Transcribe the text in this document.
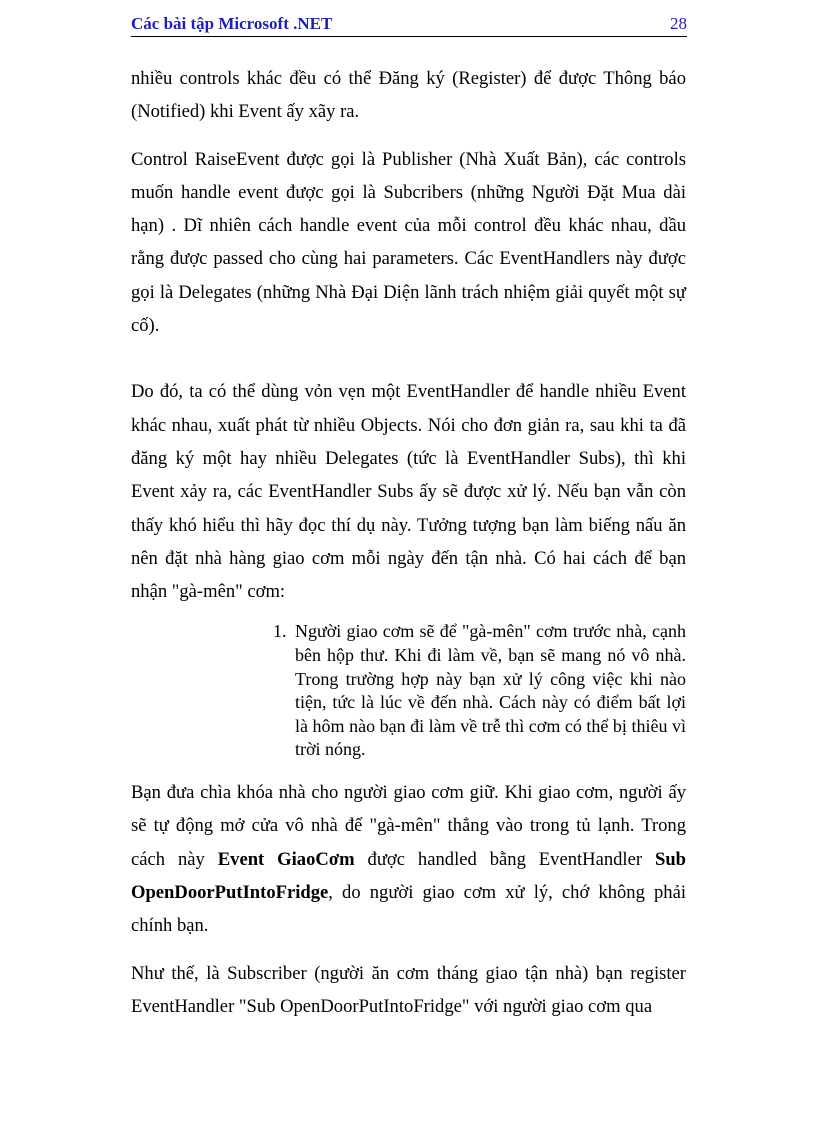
Các bài tập Microsoft .NET	28

nhiều controls khác đều có thể Đăng ký (Register) để được Thông báo (Notified) khi Event ấy xãy ra.

Control RaiseEvent được gọi là Publisher (Nhà Xuất Bản), các controls muốn handle event được gọi là Subcribers (những Người Đặt Mua dài hạn) . Dĩ nhiên cách handle event của mỗi control đều khác nhau, dầu rằng được passed cho cùng hai parameters. Các EventHandlers này được gọi là Delegates (những Nhà Đại Diện lãnh trách nhiệm giải quyết một sự cố).

Do đó, ta có thể dùng vỏn vẹn một EventHandler để handle nhiều Event khác nhau, xuất phát từ nhiều Objects. Nói cho đơn giản ra, sau khi ta đã đăng ký một hay nhiều Delegates (tức là EventHandler Subs), thì khi Event xảy ra, các EventHandler Subs ấy sẽ được xử lý. Nếu bạn vẫn còn thấy khó hiểu thì hãy đọc thí dụ này. Tưởng tượng bạn làm biếng nấu ăn nên đặt nhà hàng giao cơm mỗi ngày đến tận nhà. Có hai cách để bạn nhận "gà-mên" cơm:

1. Người giao cơm sẽ để "gà-mên" cơm trước nhà, cạnh bên hộp thư. Khi đi làm về, bạn sẽ mang nó vô nhà. Trong trường hợp này bạn xử lý công việc khi nào tiện, tức là lúc về đến nhà. Cách này có điểm bất lợi là hôm nào bạn đi làm về trễ thì cơm có thể bị thiêu vì trời nóng.

Bạn đưa chìa khóa nhà cho người giao cơm giữ. Khi giao cơm, người ấy sẽ tự động mở cửa vô nhà để "gà-mên" thẳng vào trong tủ lạnh. Trong cách này Event GiaoCơm được handled bằng EventHandler Sub OpenDoorPutIntoFridge, do người giao cơm xử lý, chớ không phải chính bạn.

Như thế, là Subscriber (người ăn cơm tháng giao tận nhà) bạn register EventHandler "Sub OpenDoorPutIntoFridge" với người giao cơm qua
